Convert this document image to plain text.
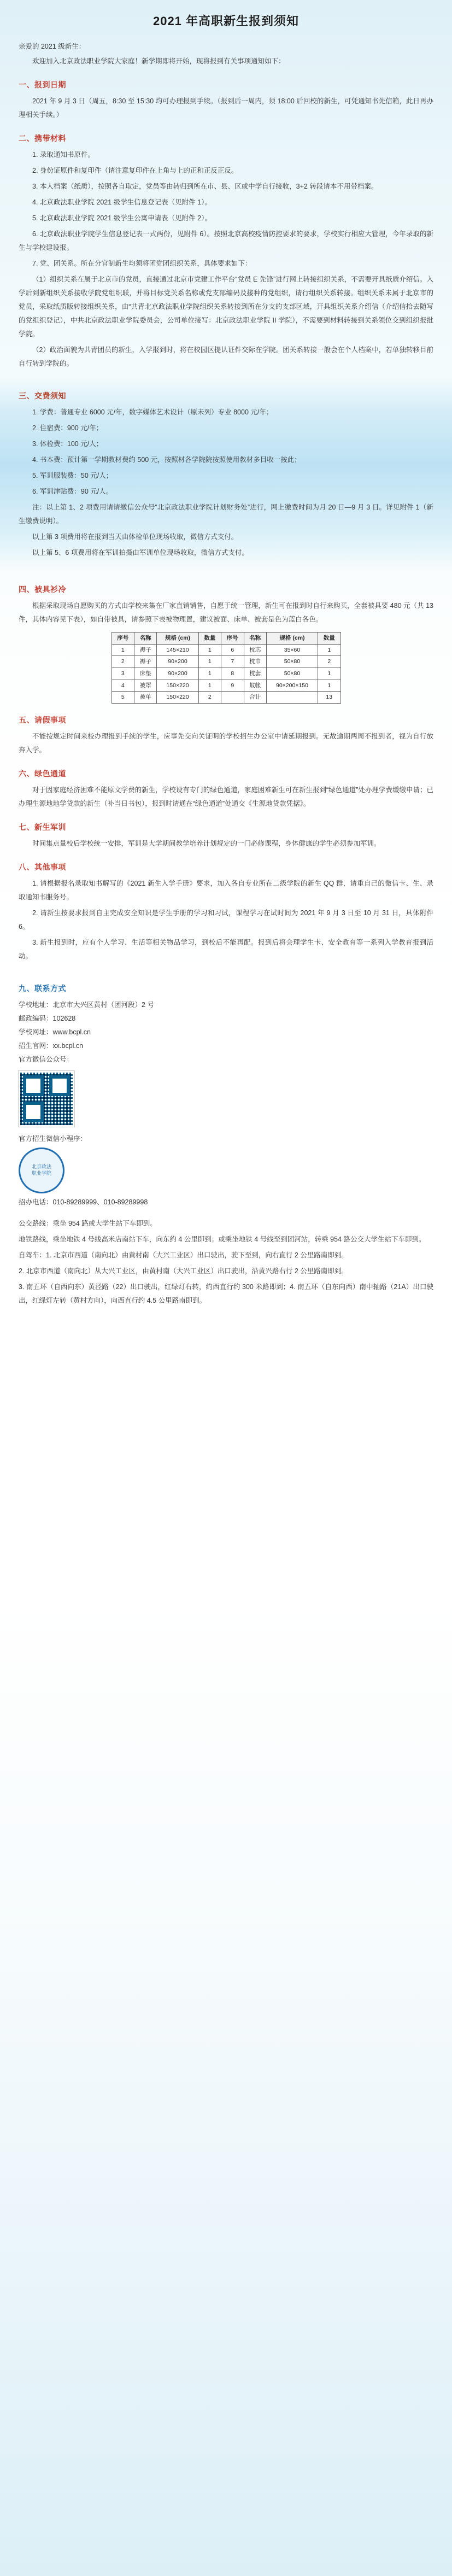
2021 年高职新生报到须知
亲爱的 2021 级新生：

欢迎加入北京政法职业学院大家庭！新学期即将开始，现将报到有关事项通知如下：

一、报到日期

2021 年 9 月 3 日（周五，8:30 至 15:30 均可办理报到手续。（报到后一周内，须 18:00 后回校的新生，可凭通知书先信箱，此日再办理相关手续。）

二、携带材料

1. 录取通知书原件。

2. 身份证原件和复印件（请注意复印件在上角与上的正和正反正反。

3. 本人档案（纸质），按照各自取定，党员等由转归到所在市、县、区或中学自行接收，3+2 转段请本不用带档案。

4. 北京政法职业学院 2021 级学生信息登记表（见附件 1）。

5. 北京政法职业学院 2021 级学生公寓申请表（见附件 2）。

6. 北京政法职业学院学生信息登记表一式两份，见附件 6）。按照北京高校疫情防控要求的要求，学校实行相应大管理，今年录取的新生与学校建设报。

7. 党、团关系。所在分官制新生均须将团党团组织关系，具体要求如下：

（1）组织关系在属于北京市的党员，直接通过北京市党建工作平台“党员 E 先锋”进行网上转接组织关系，不需要开具纸质介绍信。入学后到新组织关系接收学院党组织联，并将目标党关系名称或党支部编码及接种的党组织，请行组织关系转接。组织关系未属于北京市的党员，采取纸质版转接组织关系，由“共青北京政法职业学院组织关系转接到所在分支的支部区域，开具组织关系介绍信（介绍信拾去随写的党组织登记），中共北京政法职业学院委员会，公司单位接写：北京政法职业学院 II 学院），不需要到材料转接到关系领位交到组织报批学院。

（2）政治面貌为共青团员的新生，入学报到时，将在校园区提认证件交际在学院。团关系转接一般会在个人档案中，若单独转移目前自行转到学院的。

三、交费须知

1. 学费：普通专业 6000 元/年，数字媒体艺术设计（原未列）专业 8000 元/年；

2. 住宿费：900 元/年；

3. 体检费：100 元/人；

4. 书本费：预计第一学期教材费约 500 元，按照材各学院院按照使用教材多目收一按此；

5. 军训服装费：50 元/人；

6. 军训津贴费：90 元/人。

注：以上第 1、2 项费用请请缴信公众号“北京政法职业学院计划财务处”进行，网上缴费时间为月 20 日—9 月 3 日。详见附件 1（新生缴费说明）。

以上第 3 项费用将在报到当天由体检单位现场收取，微信方式支付。

以上第 5、6 项费用将在军训拍摄由军训单位现场收取，微信方式支付。

四、被具衫冷

根据采取现场自愿购买的方式由学校来集在厂家直销销售，自愿于统一管理，新生可在报到时自行来购买，全套被具要 480 元（共 13 件，其体内容见下表），如自带被具，请参照下表被物理置，建议被面、床单、被套是色为蓝白各色。

序号	名称	规格 (cm)	数量	序号	名称	规格 (cm)	数量
1	褥子	145×210	1	6	枕芯	35×60	1
2	褥子	90×200	1	7	枕巾	50×80	2
3	床垫	90×200	1	8	枕套	50×80	1
4	被罩	150×220	1	9	蚊帐	90×200×150	1
5	被单	150×220	2		合计		13
五、请假事项

不能按规定时间来校办理报到手续的学生，应事先交向关证明的学校招生办公室中请延期报到。无故逾期两周不报到者，视为自行放弃入学。

六、绿色通道

对于因家庭经济困难不能原文学费的新生，学校设有专门的绿色通道，家庭困难新生可在新生报到“绿色通道”处办理学费缓缴申请；已办理生源地地学贷款的新生（补当日书包），报到时请通在“绿色通道”处通交《生源地贷款凭据》。

七、新生军训

时间集点量校后学校统一安排，军训是大学期间教学培养计划规定的一门必修课程，身体健康的学生必须参加军训。

八、其他事项

1. 请根据报名录取知书解写的《2021 新生入学手册》要求，加入各自专业所在二级学院的新生 QQ 群，请重自己的微信卡、生、录取通知书服务号。

2. 请新生按要求报到自主完成安全知识是学生手册的学习和习试，课程学习在试时间为 2021 年 9 月 3 日至 10 月 31 日，具体附件 6。

3. 新生报到时，应有个人学习、生活等相关物品学习，到校后不能再配。报到后将会理学生卡、安全教育等一系列入学教育报到活动。

九、联系方式

学校地址：北京市大兴区黄村（团河段）2 号

邮政编码：102628

学校网址：www.bcpl.cn

招生官网：xx.bcpl.cn

官方微信公众号：

官方招生微信小程序：

北京政法
职业学院

招办电话：010-89289999、010-89289998

公交路线：乘坐 954 路或大学生站下车即到。

地铁路线，乘坐地铁 4 号线高米店南站下车，向东约 4 公里即到；或乘坐地铁 4 号线至到团河站，转乘 954 路公交大学生站下车即到。

自驾车：1. 北京市西道（南向北）由黄村南（大兴工业区）出口驶出，驶下至到，向右直行 2 公里路南即到。

2. 北京市西道（南向北）从大兴工业区，由黄村南（大兴工业区）出口驶出，沿黄兴路右行 2 公里路南即到。

3. 南五环（自西向东）黄泾路（22）出口驶出，红绿灯右转，约西直行约 300 米路即到；4. 南五环（自东向西）南中轴路（21A）出口驶出，红绿灯左转（黄村方向），向西直行约 4.5 公里路南即到。
